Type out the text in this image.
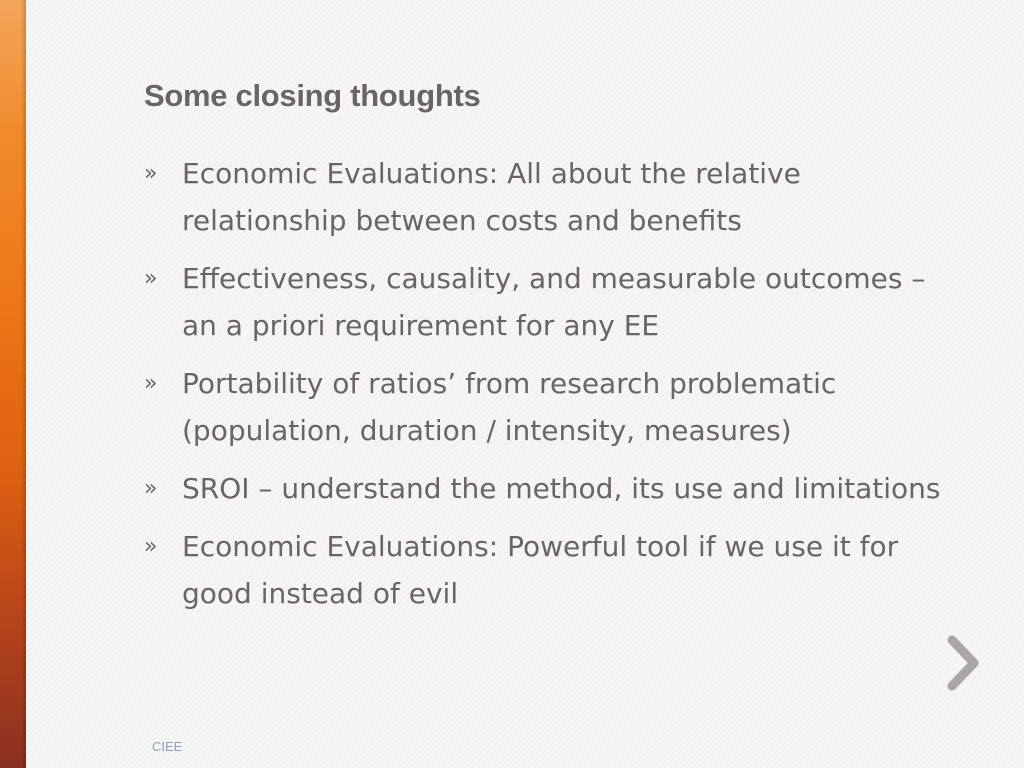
Some closing thoughts
» Economic Evaluations: All about the relative relationship between costs and benefits
» Effectiveness, causality, and measurable outcomes – an a priori requirement for any EE
» Portability of ratios’ from research problematic (population, duration / intensity, measures)
» SROI – understand the method, its use and limitations
» Economic Evaluations: Powerful tool if we use it for good instead of evil
CIEE
